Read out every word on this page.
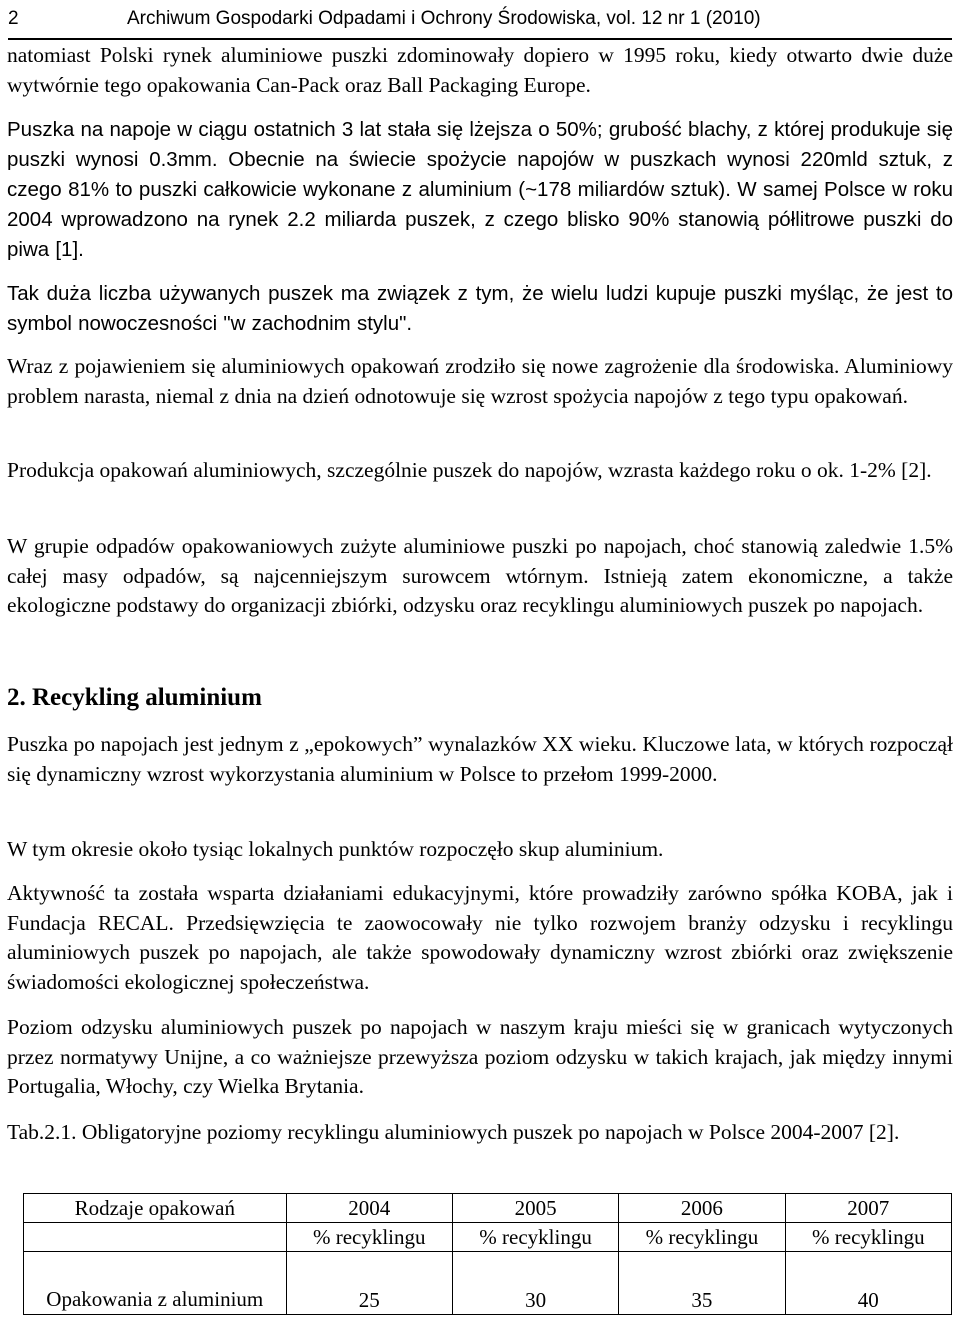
2	Archiwum Gospodarki Odpadami i Ochrony Środowiska, vol. 12 nr 1 (2010)

natomiast Polski rynek aluminiowe puszki zdominowały dopiero w 1995 roku, kiedy otwarto dwie duże wytwórnie tego opakowania Can-Pack oraz Ball Packaging Europe.

Puszka na napoje w ciągu ostatnich 3 lat stała się lżejsza o 50%; grubość blachy, z której produkuje się puszki wynosi 0.3mm. Obecnie na świecie spożycie napojów w puszkach wynosi 220mld sztuk, z czego 81% to puszki całkowicie wykonane z aluminium (~178 miliardów sztuk). W samej Polsce w roku 2004 wprowadzono na rynek 2.2 miliarda puszek, z czego blisko 90% stanowią półlitrowe puszki do piwa [1].

Tak duża liczba używanych puszek ma związek z tym, że wielu ludzi kupuje puszki myśląc, że jest to symbol nowoczesności "w zachodnim stylu".

Wraz z pojawieniem się aluminiowych opakowań zrodziło się nowe zagrożenie dla środowiska. Aluminiowy problem narasta, niemal z dnia na dzień odnotowuje się wzrost spożycia napojów z tego typu opakowań.

Produkcja opakowań aluminiowych, szczególnie puszek do napojów, wzrasta każdego roku o ok. 1-2% [2].

W grupie odpadów opakowaniowych zużyte aluminiowe puszki po napojach, choć stanowią zaledwie 1.5% całej masy odpadów, są najcenniejszym surowcem wtórnym. Istnieją zatem ekonomiczne, a także ekologiczne podstawy do organizacji zbiórki, odzysku oraz recyklingu aluminiowych puszek po napojach.

2. Recykling aluminium

Puszka po napojach jest jednym z „epokowych” wynalazków XX wieku. Kluczowe lata, w których rozpoczął się dynamiczny wzrost wykorzystania aluminium w Polsce to przełom 1999-2000.

W tym okresie około tysiąc lokalnych punktów rozpoczęło skup aluminium.

Aktywność ta została wsparta działaniami edukacyjnymi, które prowadziły zarówno spółka KOBA, jak i Fundacja RECAL. Przedsięwzięcia te zaowocowały nie tylko rozwojem branży odzysku i recyklingu aluminiowych puszek po napojach, ale także spowodowały dynamiczny wzrost zbiórki oraz zwiększenie świadomości ekologicznej społeczeństwa.

Poziom odzysku aluminiowych puszek po napojach w naszym kraju mieści się w granicach wytyczonych przez normatywy Unijne, a co ważniejsze przewyższa poziom odzysku w takich krajach, jak między innymi Portugalia, Włochy, czy Wielka Brytania.

Tab.2.1. Obligatoryjne poziomy recyklingu aluminiowych puszek po napojach w Polsce 2004-2007 [2].

Rodzaje opakowań	2004	2005	2006	2007
	% recyklingu	% recyklingu	% recyklingu	% recyklingu
Opakowania z aluminium	25	30	35	40
